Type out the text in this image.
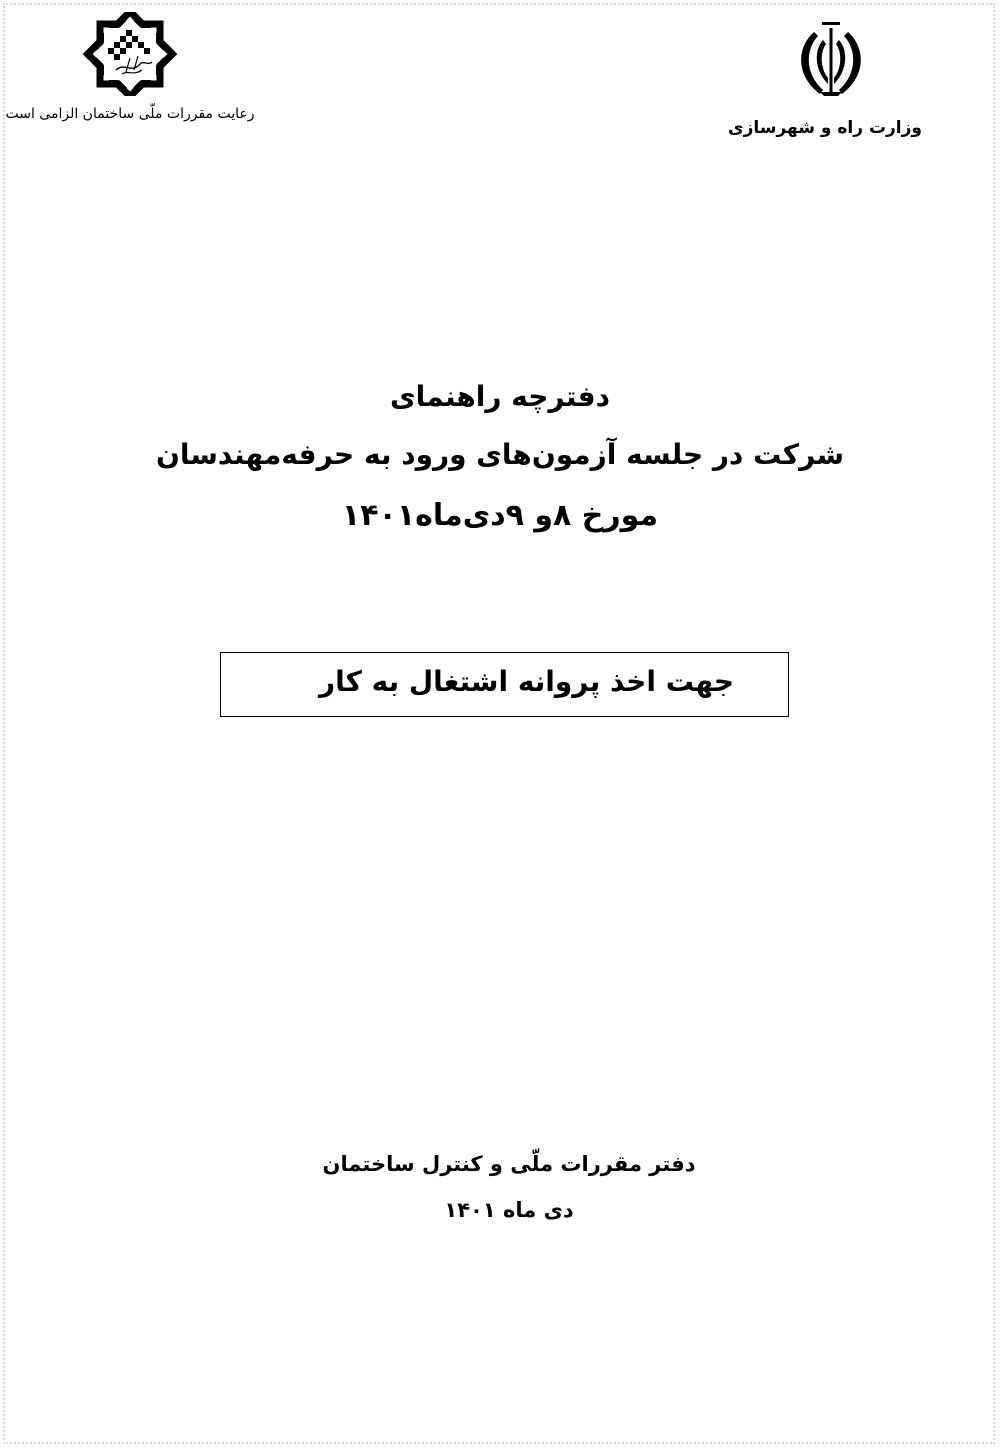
وزارت راه و شهرسازی
رعایت مقررات ملّی ساختمان الزامی است
دفترچه راهنمای
شرکت در جلسه آزمون‌های ورود به حرفه‌مهندسان
مورخ ۸و ۹دی‌ماه۱۴۰۱
جهت اخذ پروانه اشتغال به کار
دفتر مقررات ملّی و کنترل ساختمان
دی ماه ۱۴۰۱
